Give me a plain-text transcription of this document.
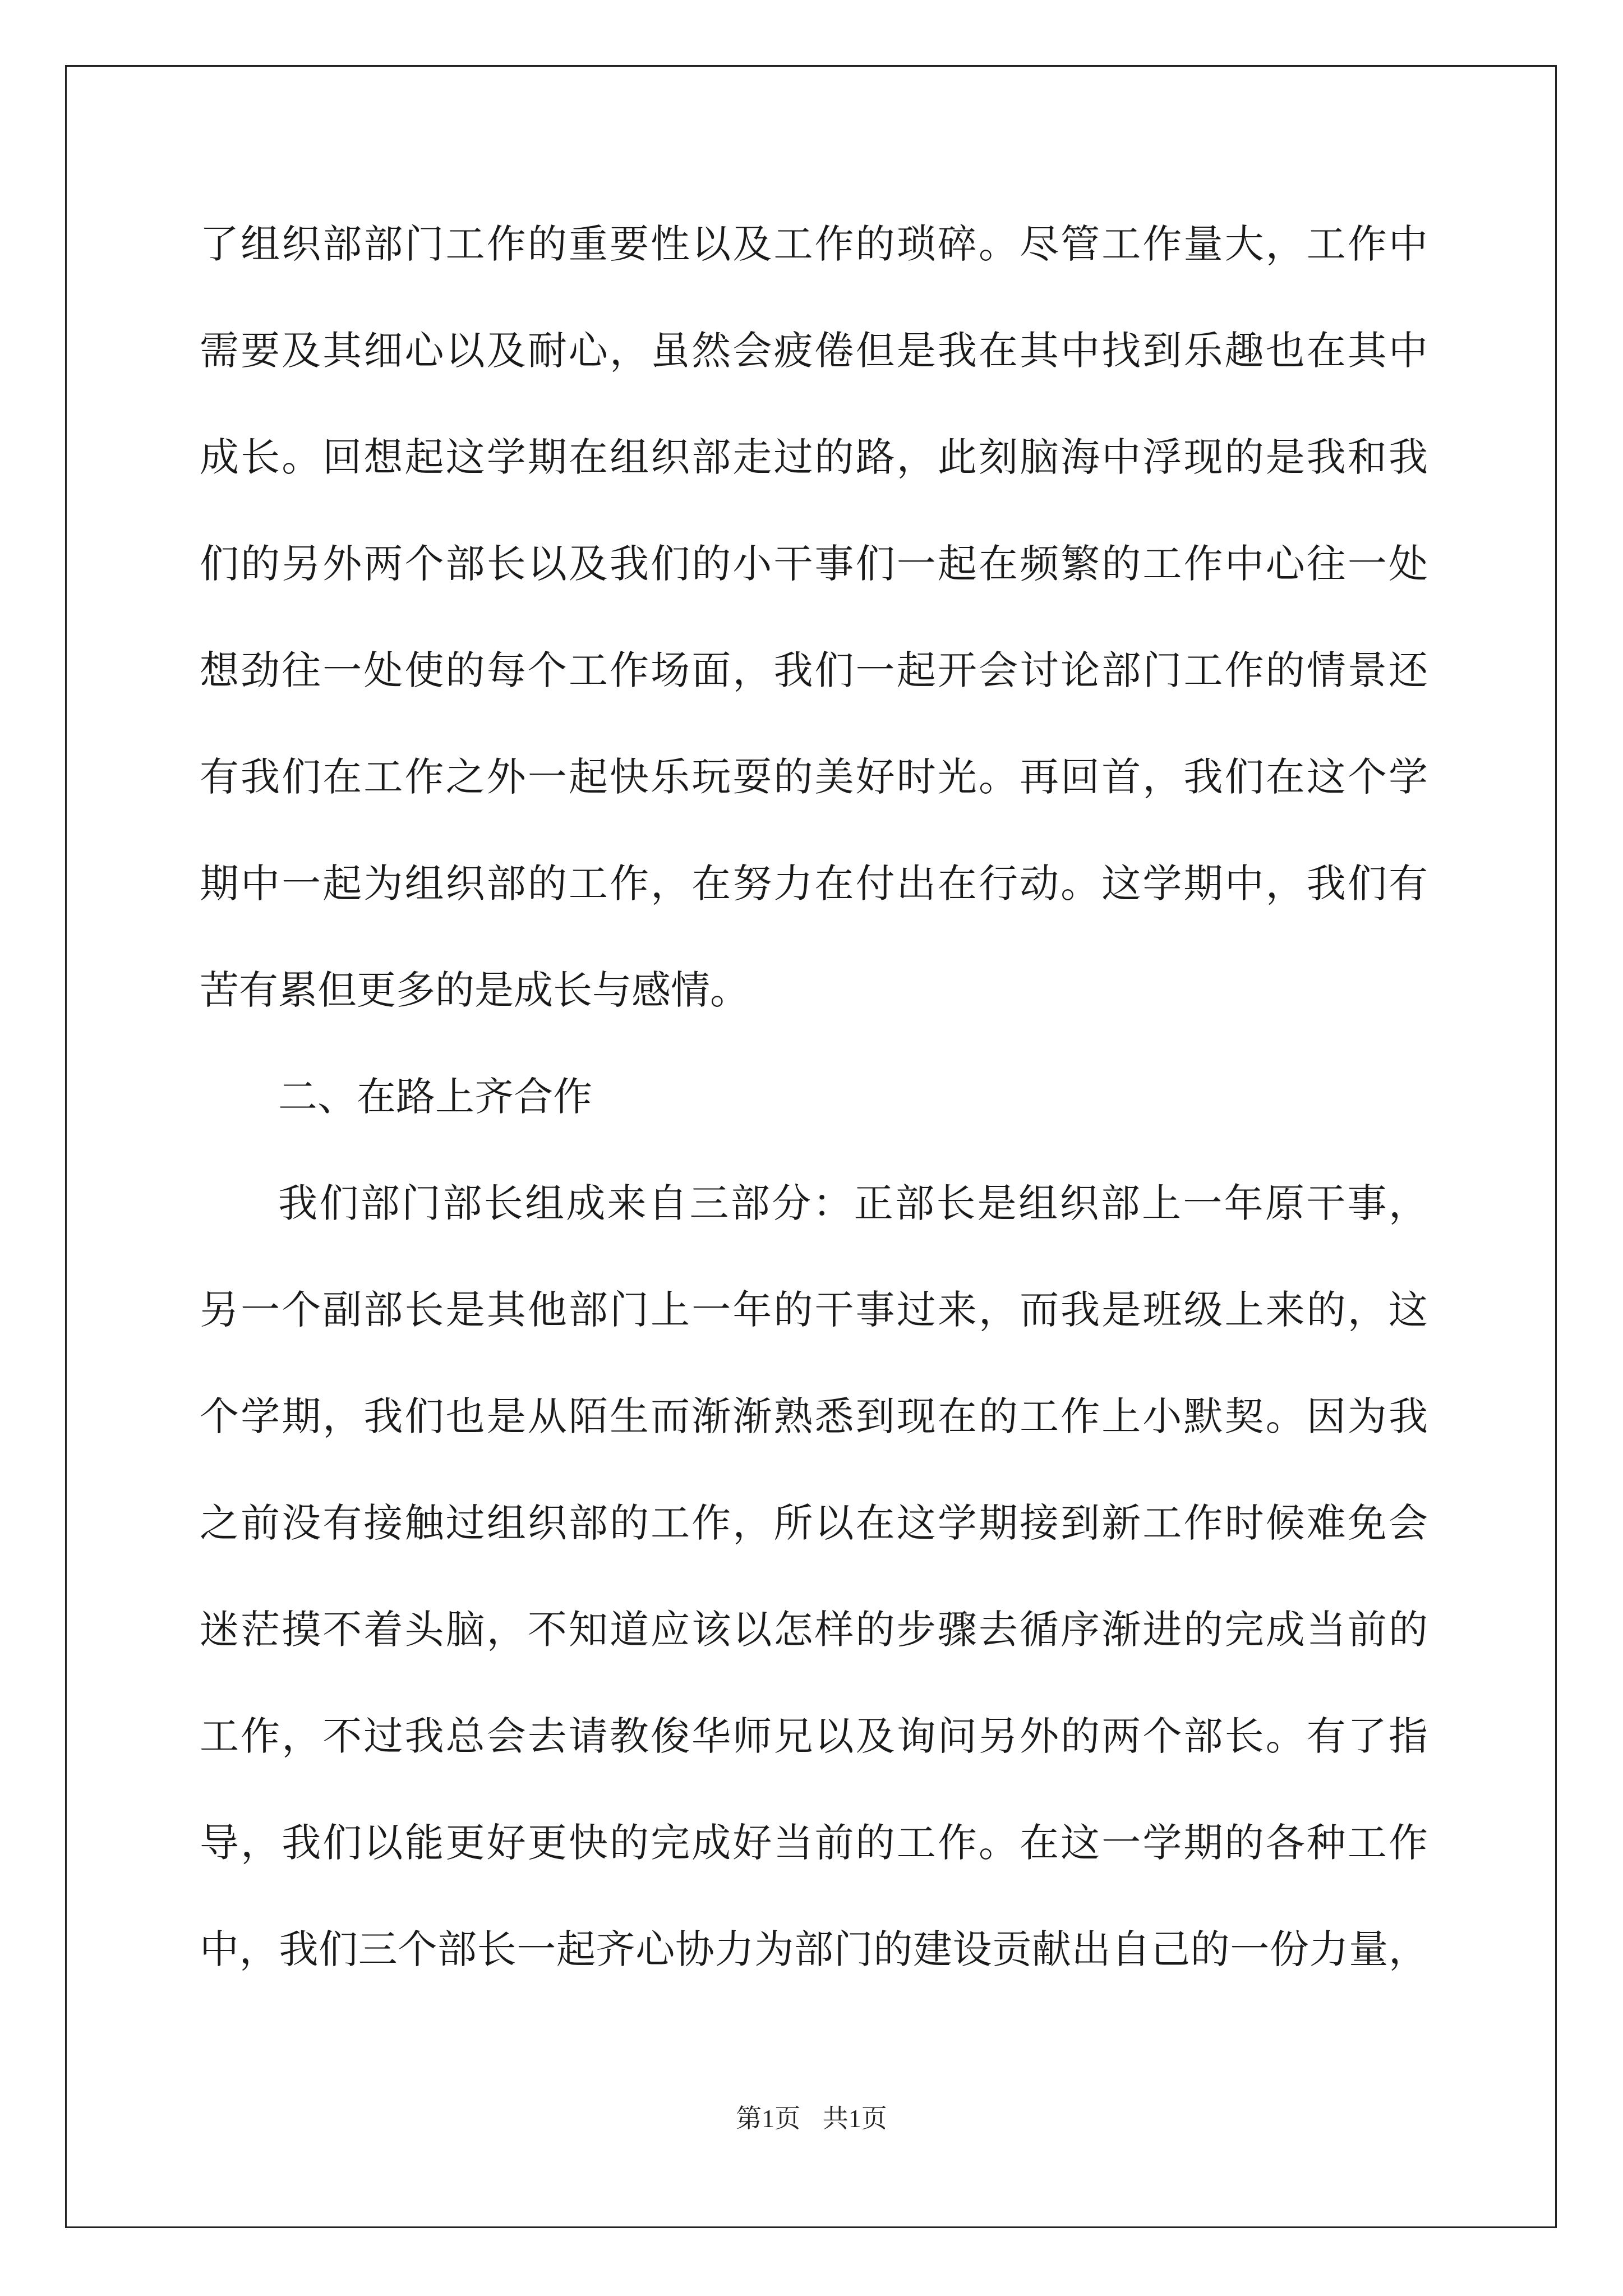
了组织部部门工作的重要性以及工作的琐碎。尽管工作量大，工作中
需要及其细心以及耐心，虽然会疲倦但是我在其中找到乐趣也在其中
成长。回想起这学期在组织部走过的路，此刻脑海中浮现的是我和我
们的另外两个部长以及我们的小干事们一起在频繁的工作中心往一处
想劲往一处使的每个工作场面，我们一起开会讨论部门工作的情景还
有我们在工作之外一起快乐玩耍的美好时光。再回首，我们在这个学
期中一起为组织部的工作，在努力在付出在行动。这学期中，我们有
苦有累但更多的是成长与感情。
二、在路上齐合作
我们部门部长组成来自三部分：正部长是组织部上一年原干事，
另一个副部长是其他部门上一年的干事过来，而我是班级上来的，这
个学期，我们也是从陌生而渐渐熟悉到现在的工作上小默契。因为我
之前没有接触过组织部的工作，所以在这学期接到新工作时候难免会
迷茫摸不着头脑，不知道应该以怎样的步骤去循序渐进的完成当前的
工作，不过我总会去请教俊华师兄以及询问另外的两个部长。有了指
导，我们以能更好更快的完成好当前的工作。在这一学期的各种工作
中，我们三个部长一起齐心协力为部门的建设贡献出自己的一份力量，
第1页 共1页
